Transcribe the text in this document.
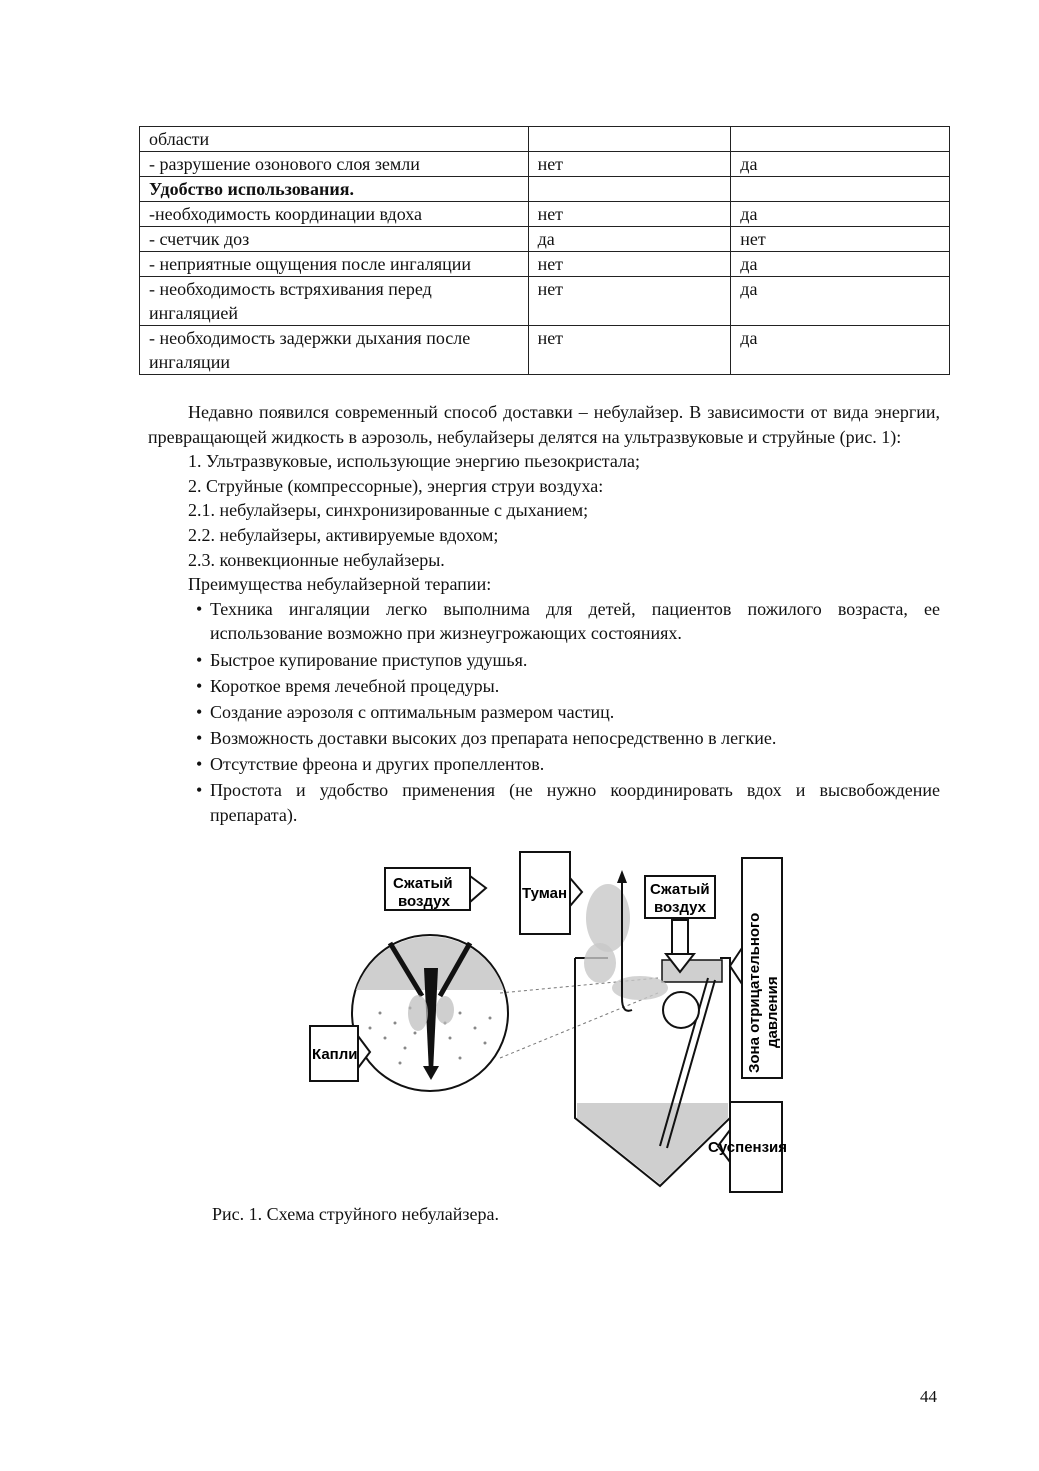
области		
- разрушение озонового слоя земли	нет	да
Удобство использования.		
-необходимость координации вдоха	нет	да
- счетчик доз	да	нет
- неприятные ощущения после ингаляции	нет	да
- необходимость встряхивания перед ингаляцией	нет	да
- необходимость задержки дыхания после ингаляции	нет	да

Недавно появился современный способ доставки – небулайзер. В зависимости от вида энергии, превращающей жидкость в аэрозоль, небулайзеры делятся на ультразвуковые и струйные (рис. 1):

1. Ультразвуковые, использующие энергию пьезокристала;

2. Струйные (компрессорные), энергия струи воздуха:

2.1. небулайзеры, синхронизированные с дыханием;

2.2. небулайзеры, активируемые вдохом;

2.3. конвекционные небулайзеры.

Преимущества небулайзерной терапии:

• Техника ингаляции легко выполнима для детей, пациентов пожилого возраста, ее использование возможно при жизнеугрожающих состояниях.
• Быстрое купирование приступов удушья.
• Короткое время лечебной процедуры.
• Создание аэрозоля с оптимальным размером частиц.
• Возможность доставки высоких доз препарата непосредственно в легкие.
• Отсутствие фреона и других пропеллентов.
• Простота и удобство применения (не нужно координировать вдох и высвобождение препарата).
Сжатый
воздух
Капли
Туман	Сжатый
воздух
Зона отрицательного давления
Суспензия
Рис. 1. Схема струйного небулайзера.
44
